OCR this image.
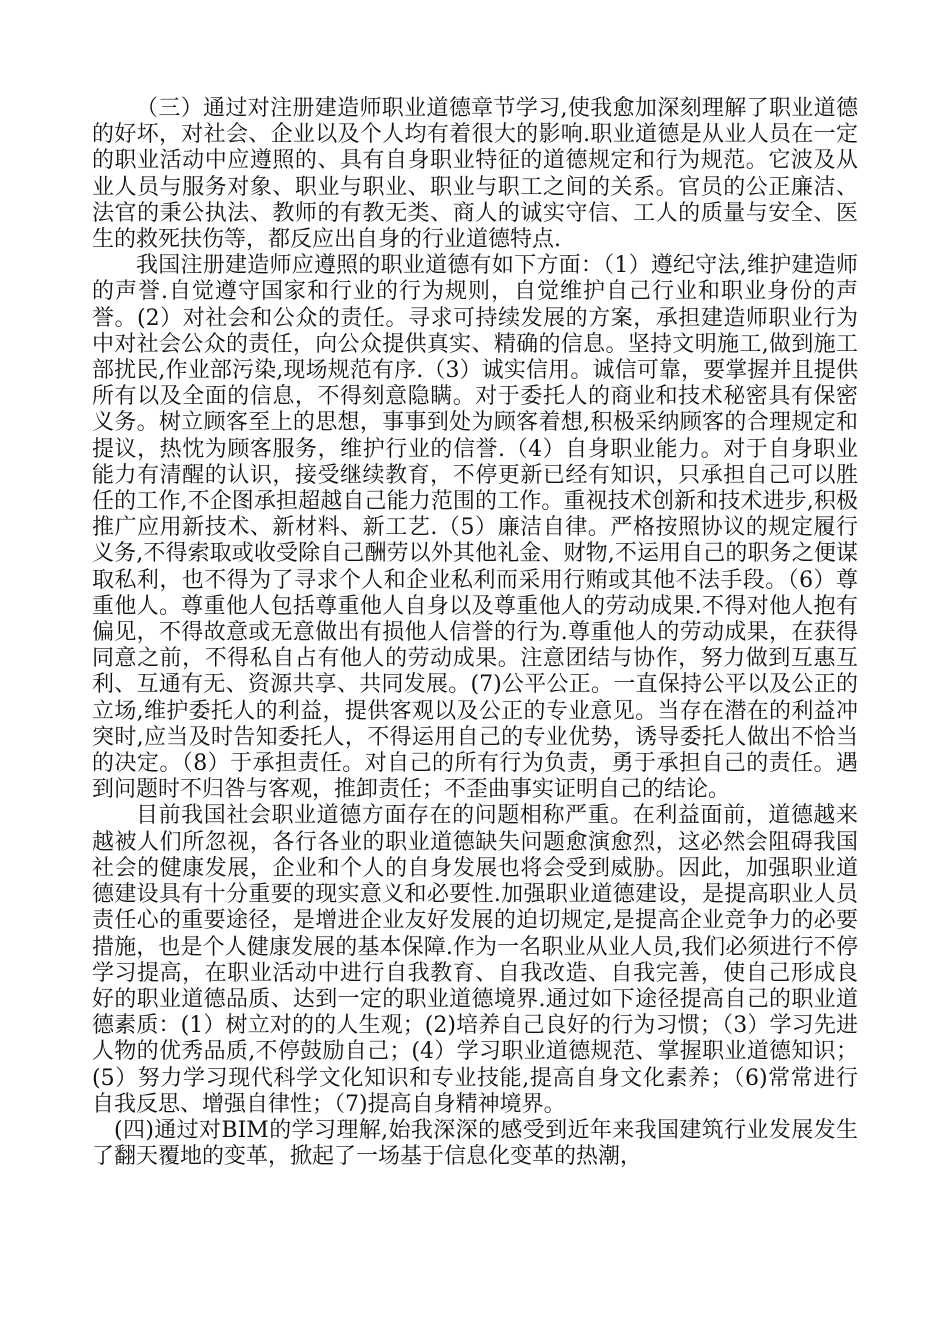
（三）通过对注册建造师职业道德章节学习,使我愈加深刻理解了职业道德的好坏，对社会、企业以及个人均有着很大的影响.职业道德是从业人员在一定的职业活动中应遵照的、具有自身职业特征的道德规定和行为规范。它波及从业人员与服务对象、职业与职业、职业与职工之间的关系。官员的公正廉洁、法官的秉公执法、教师的有教无类、商人的诚实守信、工人的质量与安全、医生的救死扶伤等，都反应出自身的行业道德特点.

我国注册建造师应遵照的职业道德有如下方面：（1）遵纪守法,维护建造师的声誉.自觉遵守国家和行业的行为规则，自觉维护自己行业和职业身份的声誉。(2）对社会和公众的责任。寻求可持续发展的方案，承担建造师职业行为中对社会公众的责任，向公众提供真实、精确的信息。坚持文明施工,做到施工部扰民,作业部污染,现场规范有序.（3）诚实信用。诚信可靠，要掌握并且提供所有以及全面的信息，不得刻意隐瞒。对于委托人的商业和技术秘密具有保密义务。树立顾客至上的思想，事事到处为顾客着想,积极采纳顾客的合理规定和提议，热忱为顾客服务，维护行业的信誉.（4）自身职业能力。对于自身职业能力有清醒的认识，接受继续教育，不停更新已经有知识，只承担自己可以胜任的工作,不企图承担超越自己能力范围的工作。重视技术创新和技术进步,积极推广应用新技术、新材料、新工艺.（5）廉洁自律。严格按照协议的规定履行义务,不得索取或收受除自己酬劳以外其他礼金、财物,不运用自己的职务之便谋取私利，也不得为了寻求个人和企业私利而采用行贿或其他不法手段。（6）尊重他人。尊重他人包括尊重他人自身以及尊重他人的劳动成果.不得对他人抱有偏见，不得故意或无意做出有损他人信誉的行为.尊重他人的劳动成果，在获得同意之前，不得私自占有他人的劳动成果。注意团结与协作，努力做到互惠互利、互通有无、资源共享、共同发展。(7)公平公正。一直保持公平以及公正的立场,维护委托人的利益，提供客观以及公正的专业意见。当存在潜在的利益冲突时,应当及时告知委托人，不得运用自己的专业优势，诱导委托人做出不恰当的决定。（8）于承担责任。对自己的所有行为负责，勇于承担自己的责任。遇到问题时不归咎与客观，推卸责任；不歪曲事实证明自己的结论。

目前我国社会职业道德方面存在的问题相称严重。在利益面前，道德越来越被人们所忽视，各行各业的职业道德缺失问题愈演愈烈，这必然会阻碍我国社会的健康发展，企业和个人的自身发展也将会受到威胁。因此，加强职业道德建设具有十分重要的现实意义和必要性.加强职业道德建设，是提高职业人员责任心的重要途径，是增进企业友好发展的迫切规定,是提高企业竞争力的必要措施，也是个人健康发展的基本保障.作为一名职业从业人员,我们必须进行不停学习提高，在职业活动中进行自我教育、自我改造、自我完善，使自己形成良好的职业道德品质、达到一定的职业道德境界.通过如下途径提高自己的职业道德素质：(1）树立对的的人生观；(2)培养自己良好的行为习惯；（3）学习先进人物的优秀品质,不停鼓励自己；(4）学习职业道德规范、掌握职业道德知识；(5）努力学习现代科学文化知识和专业技能,提高自身文化素养；（6)常常进行自我反思、增强自律性；（7)提高自身精神境界。

(四)通过对BIM的学习理解,始我深深的感受到近年来我国建筑行业发展发生了翻天覆地的变革，掀起了一场基于信息化变革的热潮，
